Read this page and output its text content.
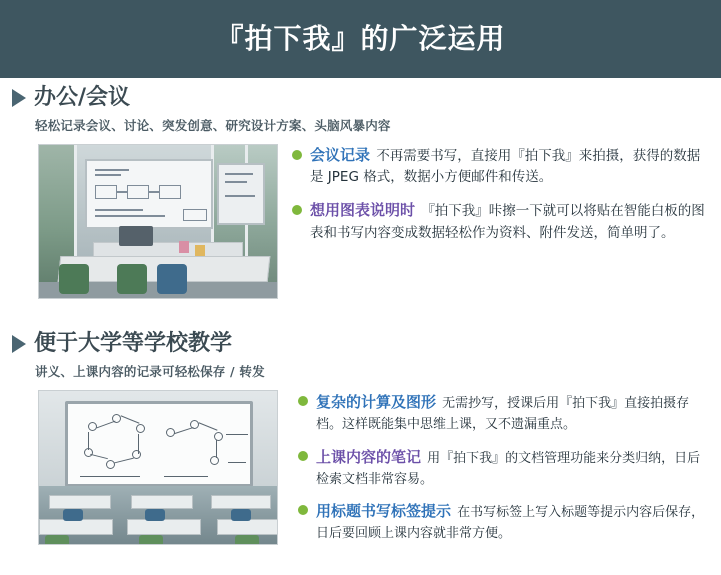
『拍下我』的广泛运用
办公/会议
轻松记录会议、讨论、突发创意、研究设计方案、头脑风暴内容
会议记录 不再需要书写，直接用『拍下我』来拍摄，获得的数据是 JPEG 格式，数据小方便邮件和传送。
想用图表说明时 『拍下我』咔擦一下就可以将贴在智能白板的图表和书写内容变成数据轻松作为资料、附件发送，简单明了。
便于大学等学校教学
讲义、上课内容的记录可轻松保存 / 转发
复杂的计算及图形 无需抄写，授课后用『拍下我』直接拍摄存档。这样既能集中思维上课，又不遗漏重点。
上课内容的笔记 用『拍下我』的文档管理功能来分类归纳，日后检索文档非常容易。
用标题书写标签提示 在书写标签上写入标题等提示内容后保存，日后要回顾上课内容就非常方便。
